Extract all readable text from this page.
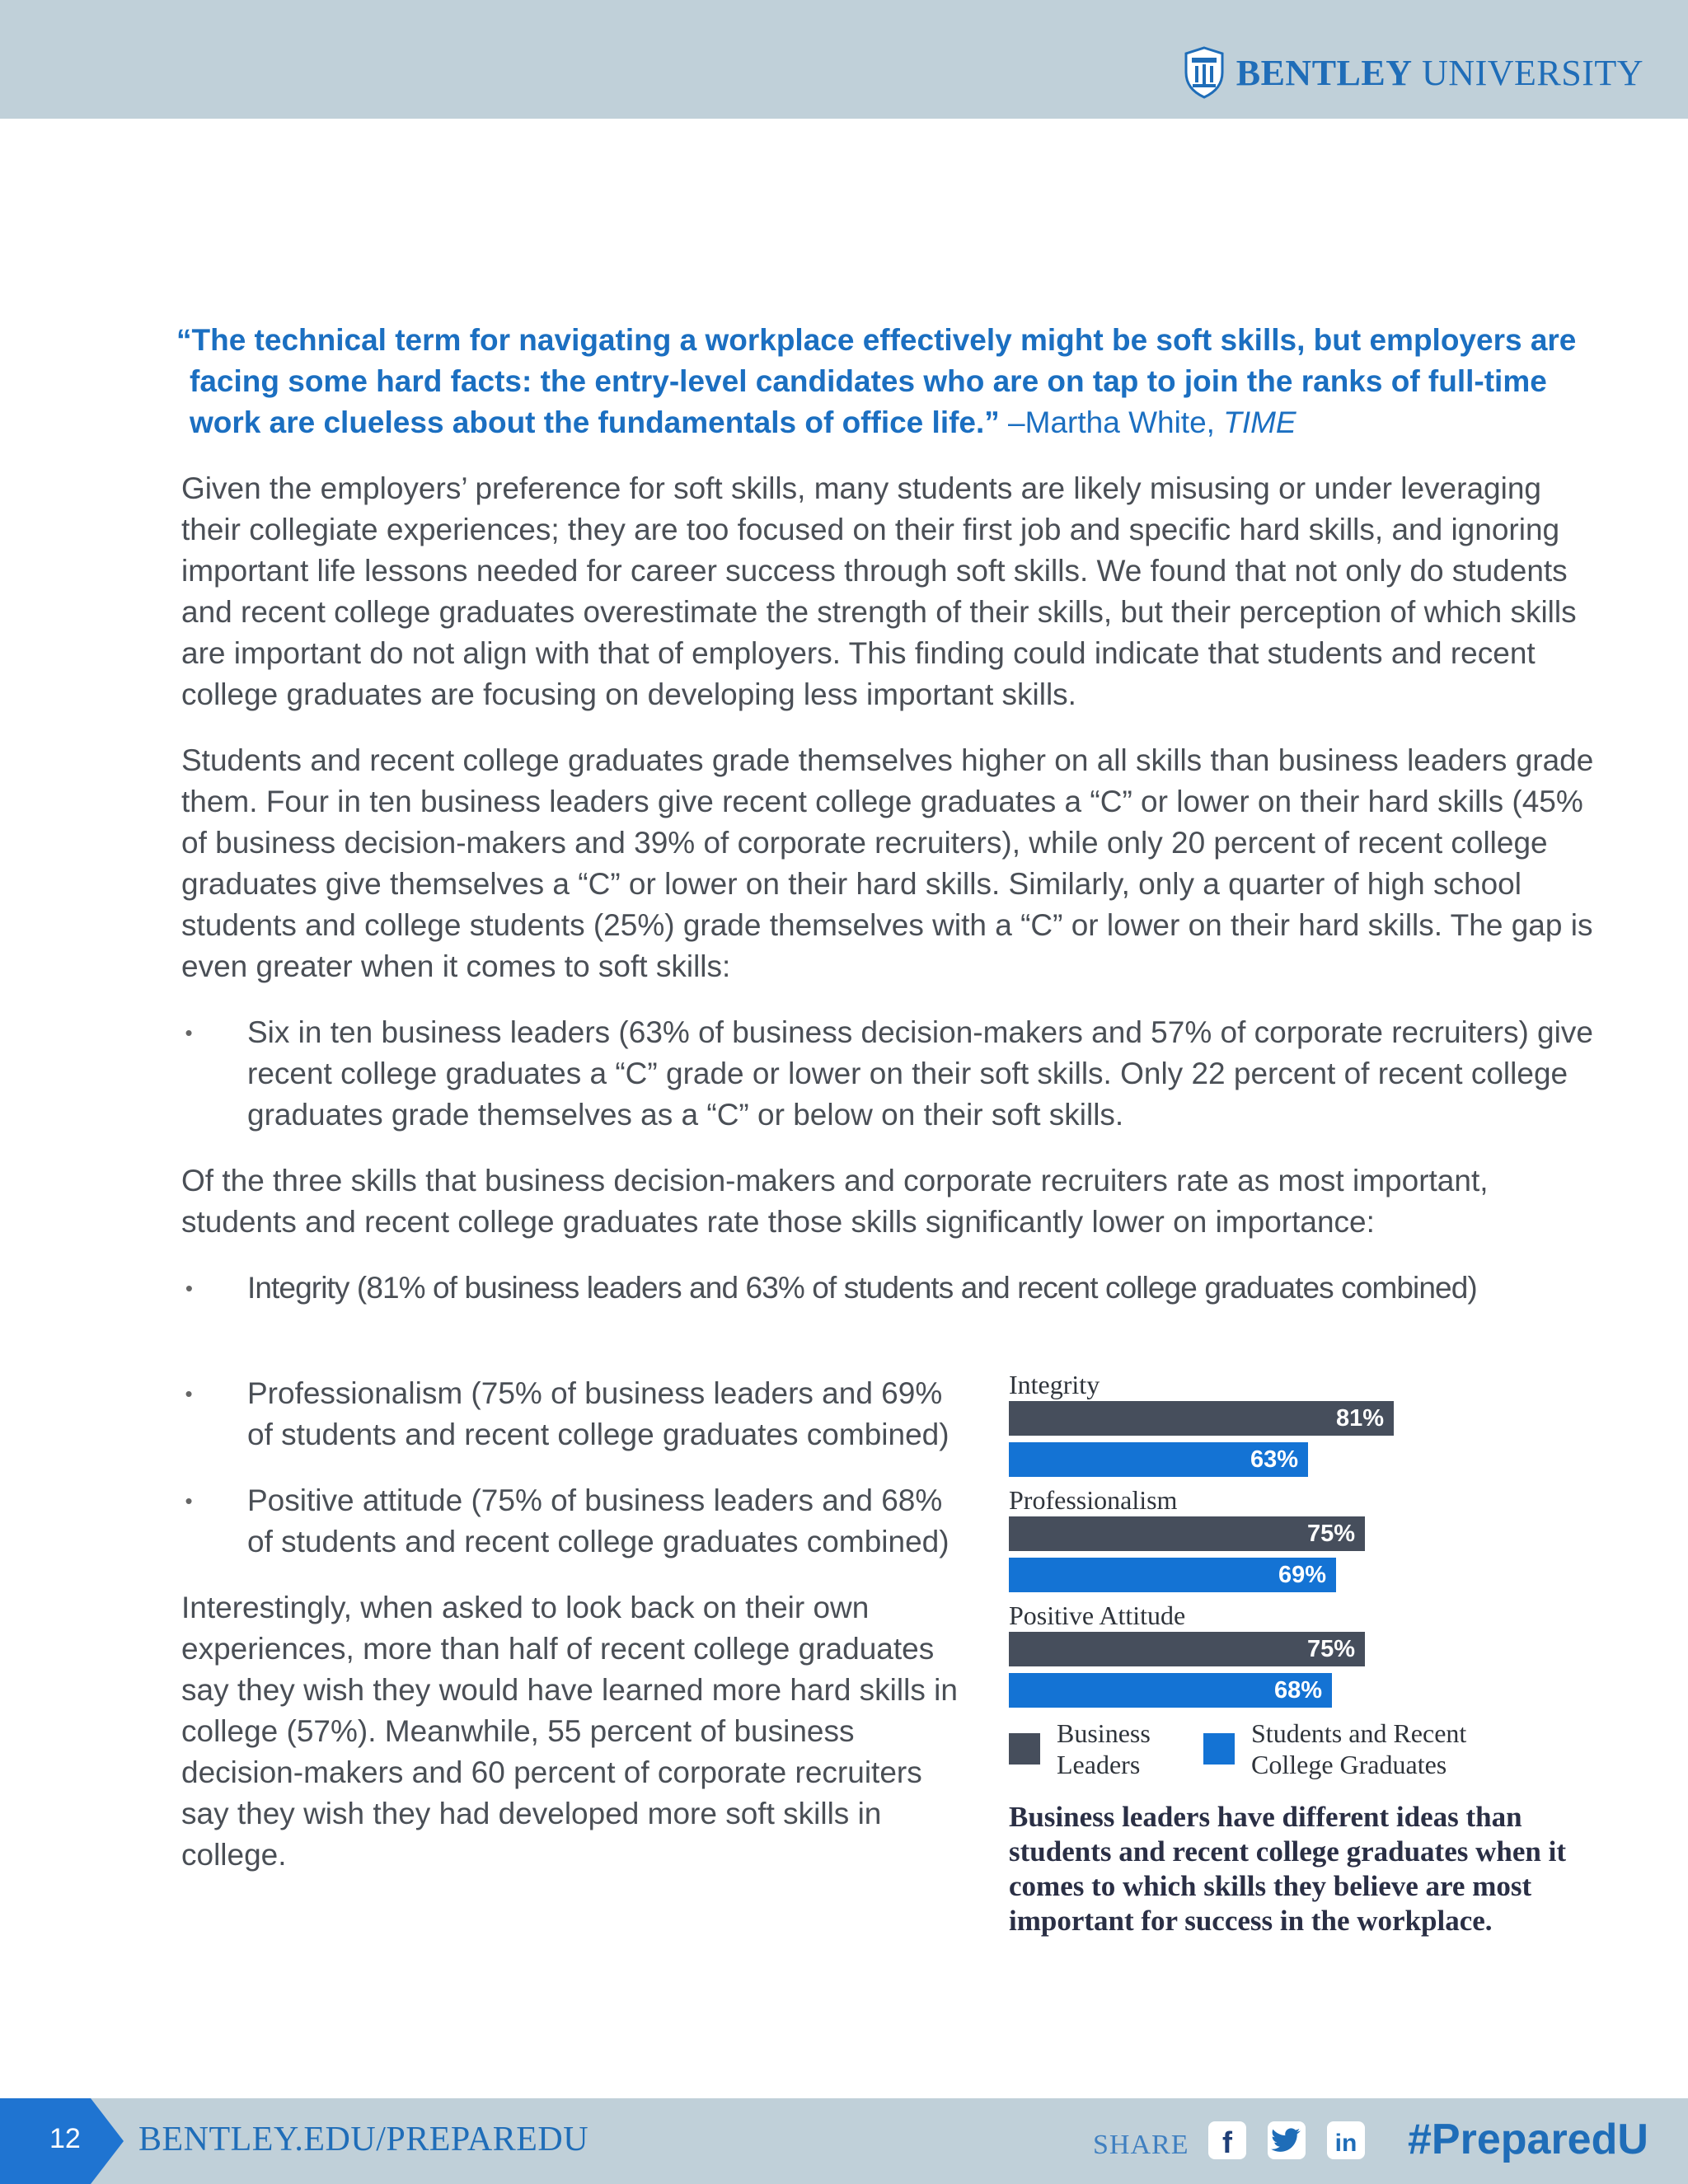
BENTLEY UNIVERSITY

“The technical term for navigating a workplace effectively might be soft skills, but employers are facing some hard facts: the entry-level candidates who are on tap to join the ranks of full-time work are clueless about the fundamentals of office life.” –Martha White, TIME

Given the employers’ preference for soft skills, many students are likely misusing or under leveraging their collegiate experiences; they are too focused on their first job and specific hard skills, and ignoring important life lessons needed for career success through soft skills. We found that not only do students and recent college graduates overestimate the strength of their skills, but their perception of which skills are important do not align with that of employers. This finding could indicate that students and recent college graduates are focusing on developing less important skills.

Students and recent college graduates grade themselves higher on all skills than business leaders grade them. Four in ten business leaders give recent college graduates a “C” or lower on their hard skills (45% of business decision-makers and 39% of corporate recruiters), while only 20 percent of recent college graduates give themselves a “C” or lower on their hard skills. Similarly, only a quarter of high school students and college students (25%) grade themselves with a “C” or lower on their hard skills. The gap is even greater when it comes to soft skills:

• Six in ten business leaders (63% of business decision-makers and 57% of corporate recruiters) give recent college graduates a “C” grade or lower on their soft skills. Only 22 percent of recent college graduates grade themselves as a “C” or below on their soft skills.

Of the three skills that business decision-makers and corporate recruiters rate as most important, students and recent college graduates rate those skills significantly lower on importance:

• Integrity (81% of business leaders and 63% of students and recent college graduates combined)
• Professionalism (75% of business leaders and 69% of students and recent college graduates combined)
• Positive attitude (75% of business leaders and 68% of students and recent college graduates combined)

Interestingly, when asked to look back on their own experiences, more than half of recent college graduates say they wish they would have learned more hard skills in college (57%). Meanwhile, 55 percent of business decision-makers and 60 percent of corporate recruiters say they wish they had developed more soft skills in college.

Integrity
81%
63%
Professionalism
75%
69%
Positive Attitude
75%
68%
Business
Leaders
Students and Recent
College Graduates
Business leaders have different ideas than students and recent college graduates when it comes to which skills they believe are most important for success in the workplace.
12 BENTLEY.EDU/PREPAREDU	SHARE f	in #PreparedU
